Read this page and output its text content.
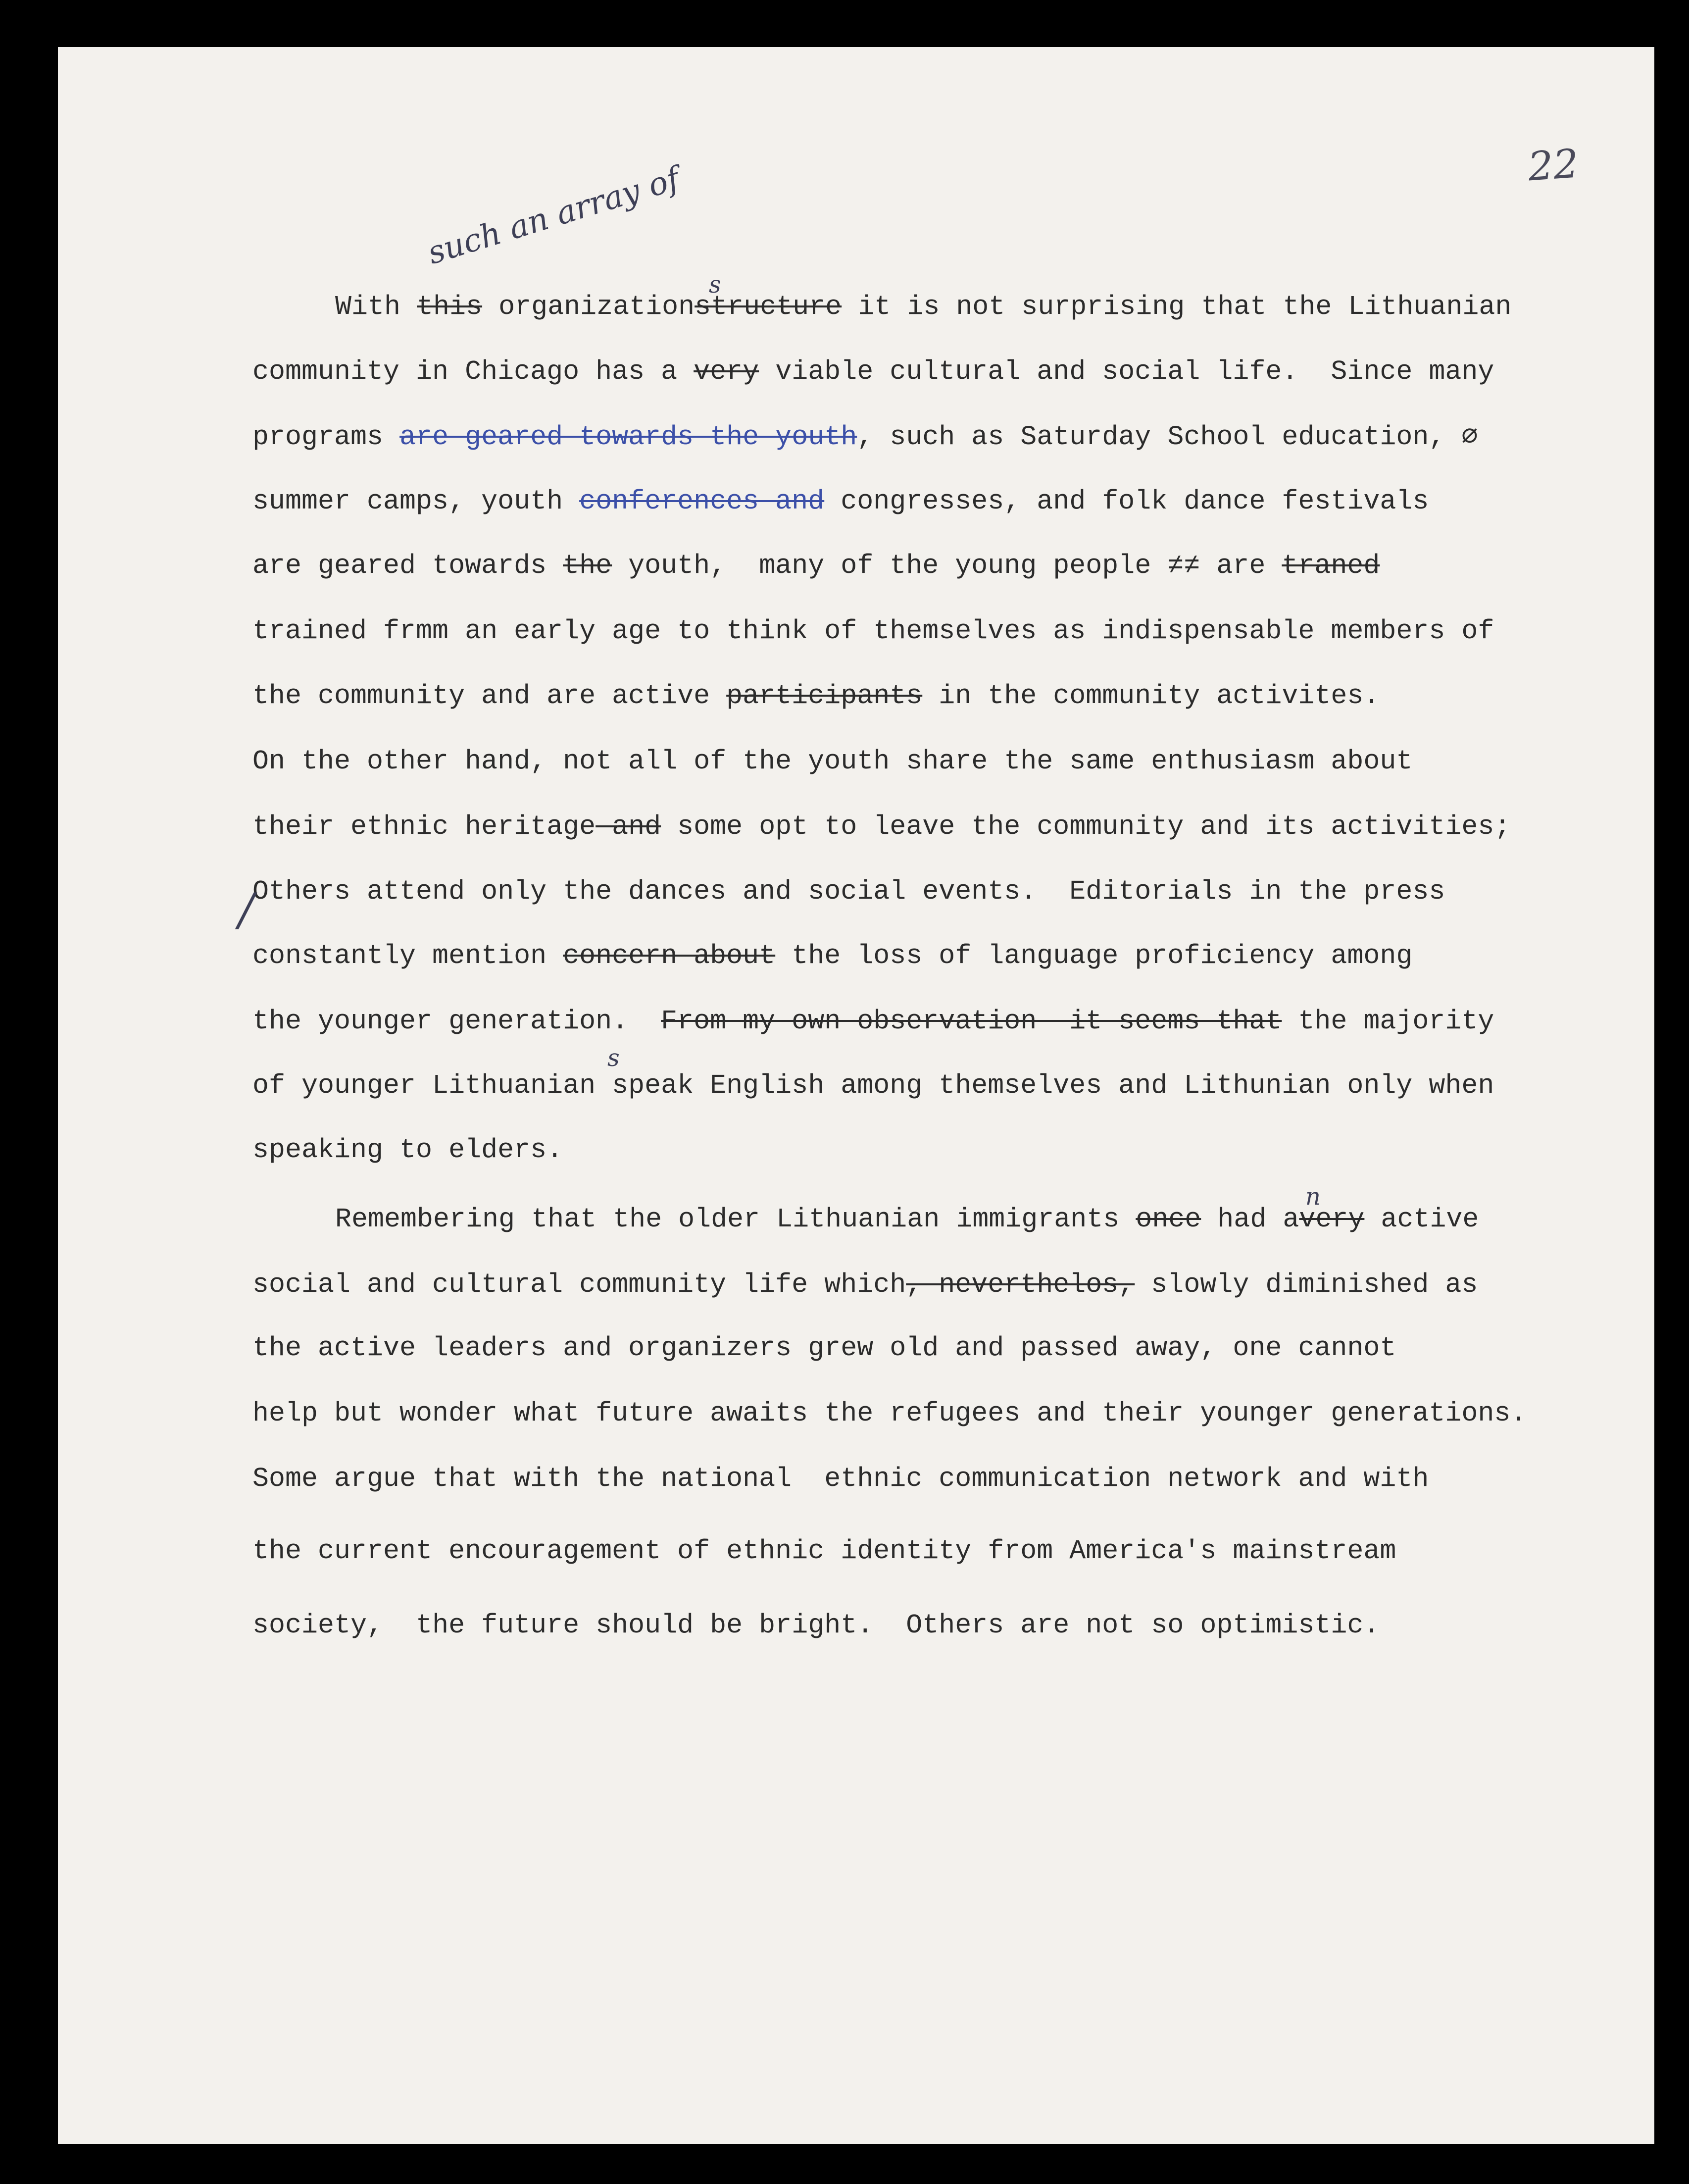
22
such an array of
With this organizationstructure it is not surprising that the Lithuanian
s
community in Chicago has a very viable cultural and social life.  Since many
programs are geared towards the youth, such as Saturday School education, ∅
summer camps, youth conferences and congresses, and folk dance festivals
are geared towards the youth,  many of the young people ≠≠ are traned
trained frmm an early age to think of themselves as indispensable members of
the community and are active participants in the community activites.
On the other hand, not all of the youth share the same enthusiasm about
their ethnic heritage and some opt to leave the community and its activities;
Others attend only the dances and social events.  Editorials in the press
constantly mention concern about the loss of language proficiency among
the younger generation.  From my own observation  it seems that the majority
of younger Lithuanian speak English among themselves and Lithunian only when
s
speaking to elders.
Remembering that the older Lithuanian immigrants once had avery active
n
social and cultural community life which, neverthelos, slowly diminished as
the active leaders and organizers grew old and passed away, one cannot
help but wonder what future awaits the refugees and their younger generations.
Some argue that with the national  ethnic communication network and with
the current encouragement of ethnic identity from America's mainstream
society,  the future should be bright.  Others are not so optimistic.
/
